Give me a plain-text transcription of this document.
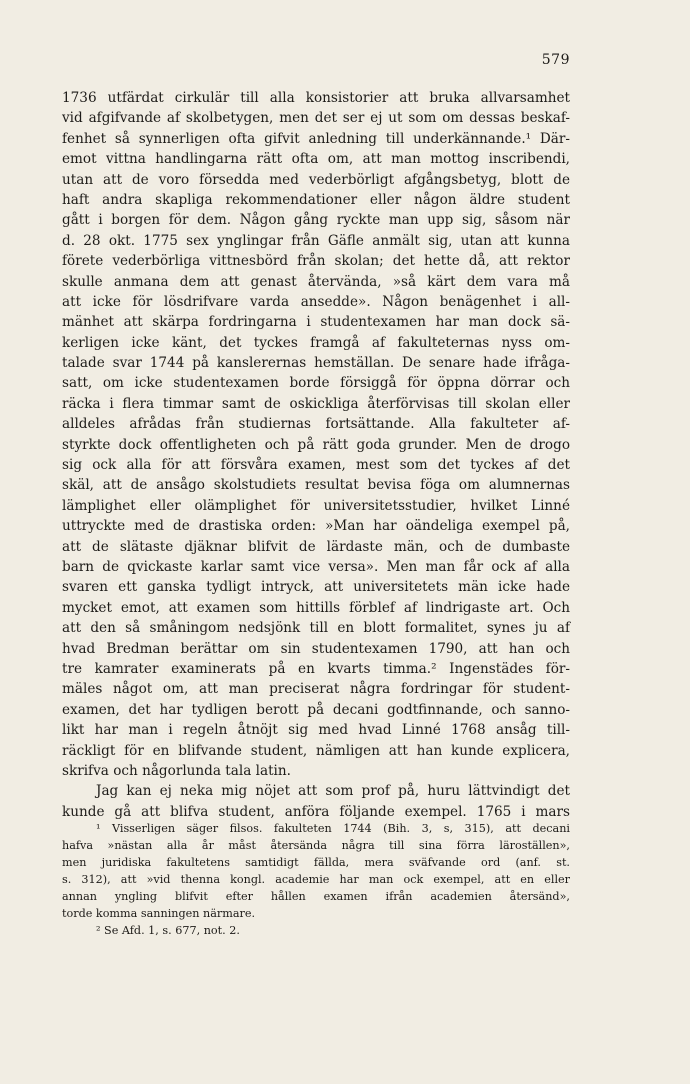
579
1736 utfärdat cirkulär till alla konsistorier att bruka allvarsamhet
vid afgifvande af skolbetygen, men det ser ej ut som om dessas beskaf-
fenhet så synnerligen ofta gifvit anledning till underkännande.¹ Där-
emot vittna handlingarna rätt ofta om, att man mottog inscribendi,
utan att de voro försedda med vederbörligt afgångsbetyg, blott de
haft andra skapliga rekommendationer eller någon äldre student
gått i borgen för dem. Någon gång ryckte man upp sig, såsom när
d. 28 okt. 1775 sex ynglingar från Gäfle anmält sig, utan att kunna
förete vederbörliga vittnesbörd från skolan; det hette då, att rektor
skulle anmana dem att genast återvända, »så kärt dem vara må
att icke för lösdrifvare varda ansedde». Någon benägenhet i all-
mänhet att skärpa fordringarna i studentexamen har man dock sä-
kerligen icke känt, det tyckes framgå af fakulteternas nyss om-
talade svar 1744 på kanslerernas hemställan. De senare hade ifråga-
satt, om icke studentexamen borde försiggå för öppna dörrar och
räcka i flera timmar samt de oskickliga återförvisas till skolan eller
alldeles afrådas från studiernas fortsättande. Alla fakulteter af-
styrkte dock offentligheten och på rätt goda grunder. Men de drogo
sig ock alla för att försvåra examen, mest som det tyckes af det
skäl, att de ansågo skolstudiets resultat bevisa föga om alumnernas
lämplighet eller olämplighet för universitetsstudier, hvilket Linné
uttryckte med de drastiska orden: »Man har oändeliga exempel på,
att de slätaste djäknar blifvit de lärdaste män, och de dumbaste
barn de qvickaste karlar samt vice versa». Men man får ock af alla
svaren ett ganska tydligt intryck, att universitetets män icke hade
mycket emot, att examen som hittills förblef af lindrigaste art. Och
att den så småningom nedsjönk till en blott formalitet, synes ju af
hvad Bredman berättar om sin studentexamen 1790, att han och
tre kamrater examinerats på en kvarts timma.² Ingenstädes för-
mäles något om, att man preciserat några fordringar för student-
examen, det har tydligen berott på decani godtfinnande, och sanno-
likt har man i regeln åtnöjt sig med hvad Linné 1768 ansåg till-
räckligt för en blifvande student, nämligen att han kunde explicera,
skrifva och någorlunda tala latin.
Jag kan ej neka mig nöjet att som prof på, huru lättvindigt det
kunde gå att blifva student, anföra följande exempel. 1765 i mars
¹ Visserligen säger filsos. fakulteten 1744 (Bih. 3, s, 315), att decani
hafva »nästan alla år måst återsända några till sina förra läroställen»,
men juridiska fakultetens samtidigt fällda, mera sväfvande ord (anf. st.
s. 312), att »vid thenna kongl. academie har man ock exempel, att en eller
annan yngling blifvit efter hållen examen ifrån academien återsänd»,
torde komma sanningen närmare.
² Se Afd. 1, s. 677, not. 2.
